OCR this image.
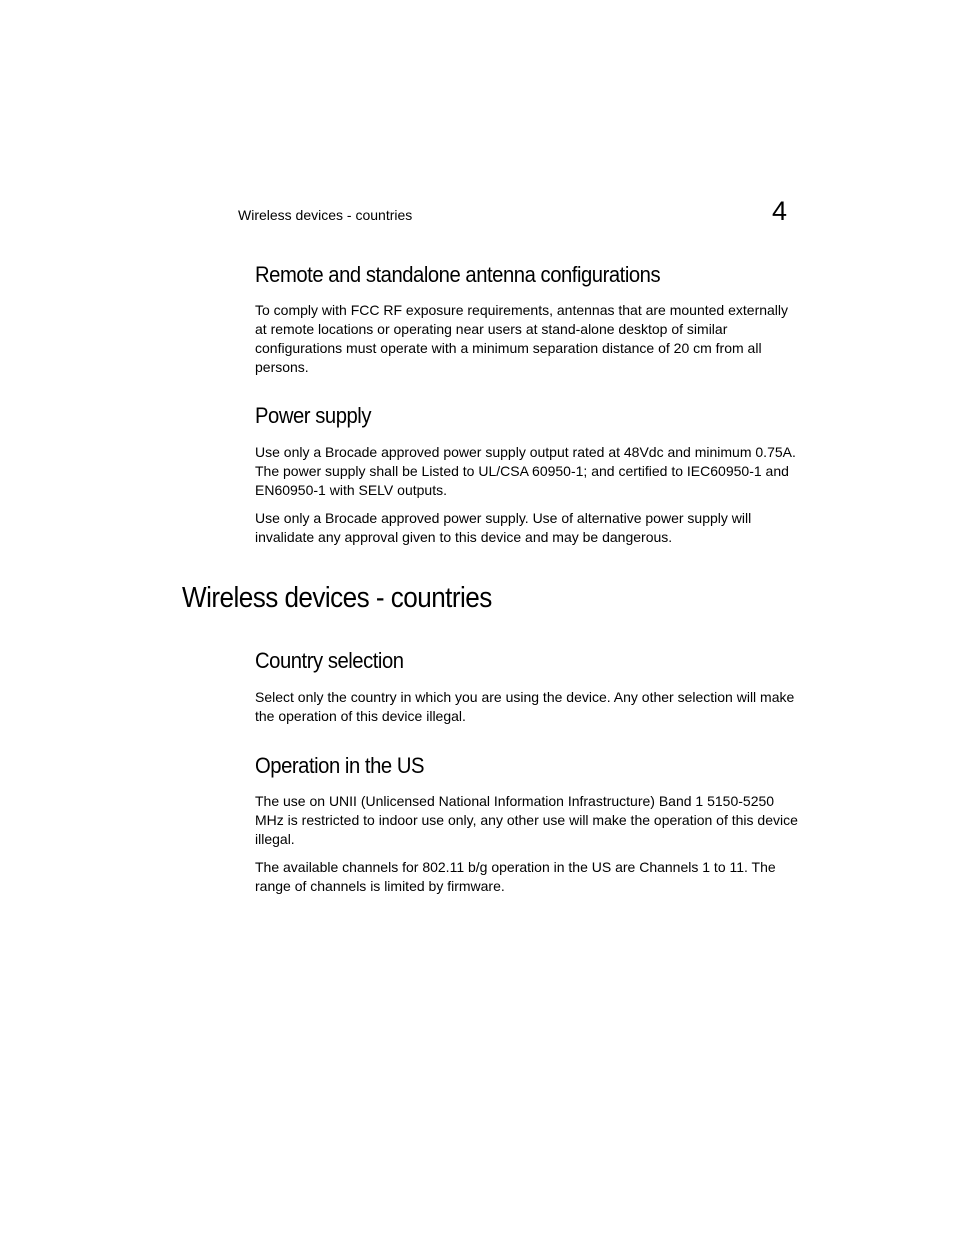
Wireless devices - countries	4
Remote and standalone antenna configurations

To comply with FCC RF exposure requirements, antennas that are mounted externally at remote locations or operating near users at stand-alone desktop of similar configurations must operate with a minimum separation distance of 20 cm from all persons.

Power supply

Use only a Brocade approved power supply output rated at 48Vdc and minimum 0.75A. The power supply shall be Listed to UL/CSA 60950-1; and certified to IEC60950-1 and EN60950-1 with SELV outputs.

Use only a Brocade approved power supply. Use of alternative power supply will invalidate any approval given to this device and may be dangerous.

Wireless devices - countries
Country selection

Select only the country in which you are using the device. Any other selection will make the operation of this device illegal.

Operation in the US

The use on UNII (Unlicensed National Information Infrastructure) Band 1 5150-5250 MHz is restricted to indoor use only, any other use will make the operation of this device illegal.

The available channels for 802.11 b/g operation in the US are Channels 1 to 11. The range of channels is limited by firmware.
